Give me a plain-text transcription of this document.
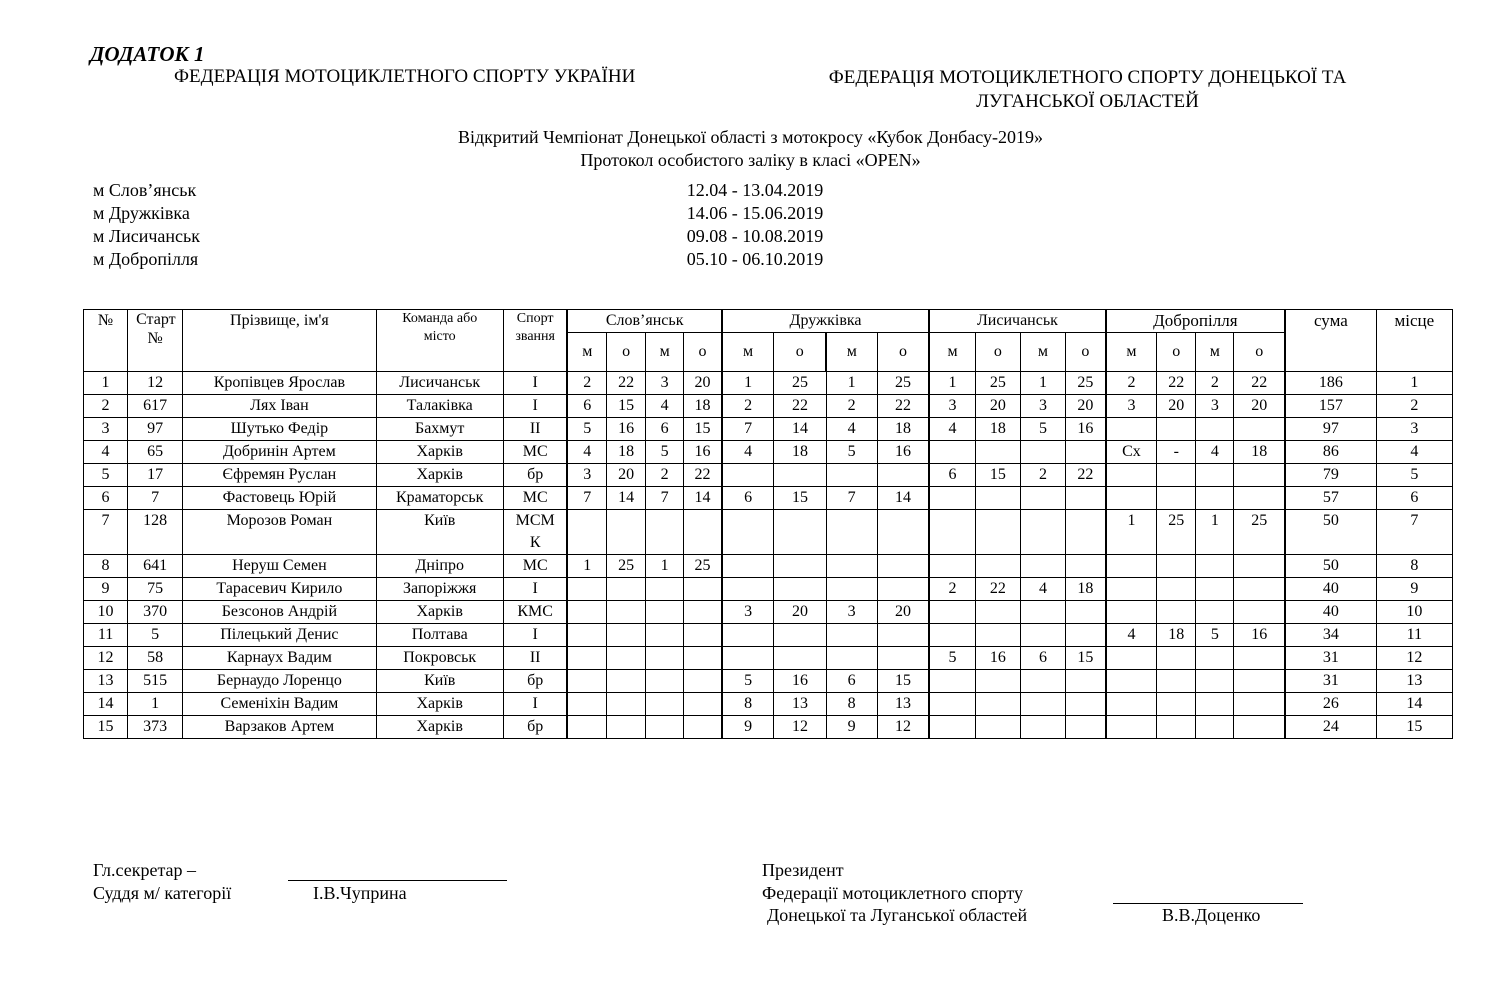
ДОДАТОК 1
ФЕДЕРАЦІЯ МОТОЦИКЛЕТНОГО СПОРТУ УКРАЇНИ	ФЕДЕРАЦІЯ МОТОЦИКЛЕТНОГО СПОРТУ ДОНЕЦЬКОЇ ТА ЛУГАНСЬКОЇ ОБЛАСТЕЙ
Відкритий Чемпіонат Донецької області з мотокросу «Кубок Донбасу-2019»
Протокол особистого заліку в класі «OPEN»
м Слов’янськ	12.04 - 13.04.2019
м Дружківка	14.06 - 15.06.2019
м Лисичанськ	09.08 - 10.08.2019
м Добропілля	05.10 - 06.10.2019
№	Старт №	Прізвище, ім'я	Команда або місто	Спорт звання	Слов’янськ				Дружківка				Лисичанськ				Добропілля				сума	місце
					м	о	м	о	м	о	м	о	м	о	м	о	м	о	м	о		
1	12	Кропівцев Ярослав	Лисичанськ	І	2	22	3	20	1	25	1	25	1	25	1	25	2	22	2	22	186	1
2	617	Лях Іван	Талаківка	І	6	15	4	18	2	22	2	22	3	20	3	20	3	20	3	20	157	2
3	97	Шутько Федір	Бахмут	ІІ	5	16	6	15	7	14	4	18	4	18	5	16					97	3
4	65	Добринін Артем	Харків	МС	4	18	5	16	4	18	5	16					Сх	-	4	18	86	4
5	17	Єфремян Руслан	Харків	бр	3	20	2	22					6	15	2	22					79	5
6	7	Фастовець Юрій	Краматорськ	МС	7	14	7	14	6	15	7	14									57	6
7	128	Морозов Роман	Київ	МСМК													1	25	1	25	50	7
8	641	Неруш Семен	Дніпро	МС	1	25	1	25													50	8
9	75	Тарасевич Кирило	Запоріжжя	І									2	22	4	18					40	9
10	370	Безсонов Андрій	Харків	КМС					3	20	3	20									40	10
11	5	Пілецький Денис	Полтава	І													4	18	5	16	34	11
12	58	Карнаух Вадим	Покровськ	ІІ									5	16	6	15					31	12
13	515	Бернаудо Лоренцо	Київ	бр					5	16	6	15									31	13
14	1	Семеніхін Вадим	Харків	І					8	13	8	13									26	14
15	373	Варзаков Артем	Харків	бр					9	12	9	12									24	15
Гл.секретар –
Суддя м/ категорії	І.В.Чуприна
Президент
Федерації мотоциклетного спорту
Донецької та Луганської областей	В.В.Доценко
